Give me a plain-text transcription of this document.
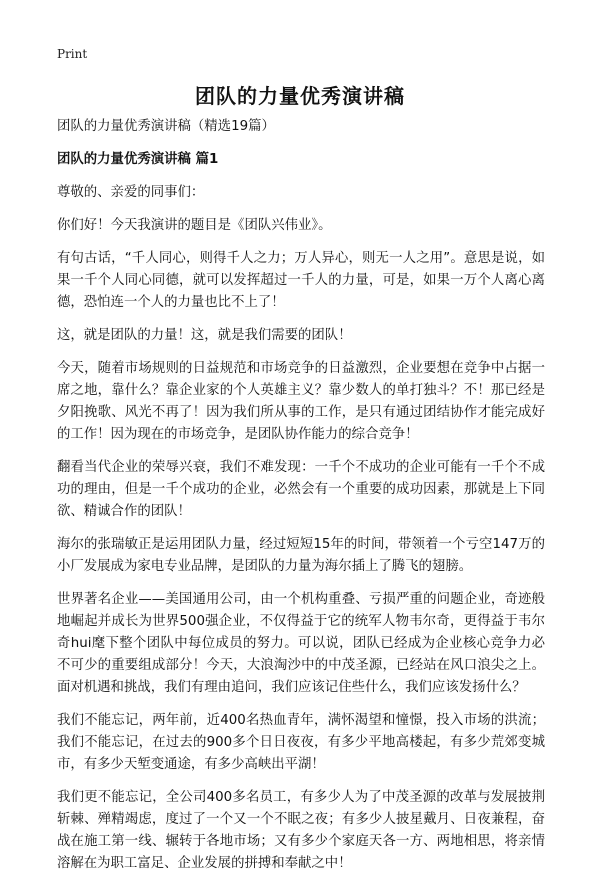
Print
团队的力量优秀演讲稿

团队的力量优秀演讲稿（精选19篇）

团队的力量优秀演讲稿 篇1

尊敬的、亲爱的同事们：

你们好！今天我演讲的题目是《团队兴伟业》。

有句古话，“千人同心，则得千人之力；万人异心，则无一人之用”。意思是说，如果一千个人同心同德，就可以发挥超过一千人的力量，可是，如果一万个人离心离德，恐怕连一个人的力量也比不上了！

这，就是团队的力量！这，就是我们需要的团队！

今天，随着市场规则的日益规范和市场竞争的日益激烈，企业要想在竞争中占据一席之地，靠什么？靠企业家的个人英雄主义？靠少数人的单打独斗？不！那已经是夕阳挽歌、风光不再了！因为我们所从事的工作，是只有通过团结协作才能完成好的工作！因为现在的市场竞争，是团队协作能力的综合竞争！

翻看当代企业的荣辱兴衰，我们不难发现：一千个不成功的企业可能有一千个不成功的理由，但是一千个成功的企业，必然会有一个重要的成功因素，那就是上下同欲、精诚合作的团队！

海尔的张瑞敏正是运用团队力量，经过短短15年的时间，带领着一个亏空147万的小厂发展成为家电专业品牌，是团队的力量为海尔插上了腾飞的翅膀。

世界著名企业——美国通用公司，由一个机构重叠、亏损严重的问题企业，奇迹般地崛起并成长为世界500强企业，不仅得益于它的统军人物韦尔奇，更得益于韦尔奇hui麾下整个团队中每位成员的努力。可以说，团队已经成为企业核心竞争力必不可少的重要组成部分！今天，大浪淘沙中的中茂圣源，已经站在风口浪尖之上。面对机遇和挑战，我们有理由追问，我们应该记住些什么，我们应该发扬什么？

我们不能忘记，两年前，近400名热血青年，满怀渴望和憧憬，投入市场的洪流；我们不能忘记，在过去的900多个日日夜夜，有多少平地高楼起，有多少荒郊变城市，有多少天堑变通途，有多少高峡出平湖！

我们更不能忘记，全公司400多名员工，有多少人为了中茂圣源的改革与发展披荆斩棘、殚精竭虑，度过了一个又一个不眠之夜；有多少人披星戴月、日夜兼程，奋战在施工第一线、辗转于各地市场；又有多少个家庭天各一方、两地相思，将亲情溶解在为职工富足、企业发展的拼搏和奉献之中！
